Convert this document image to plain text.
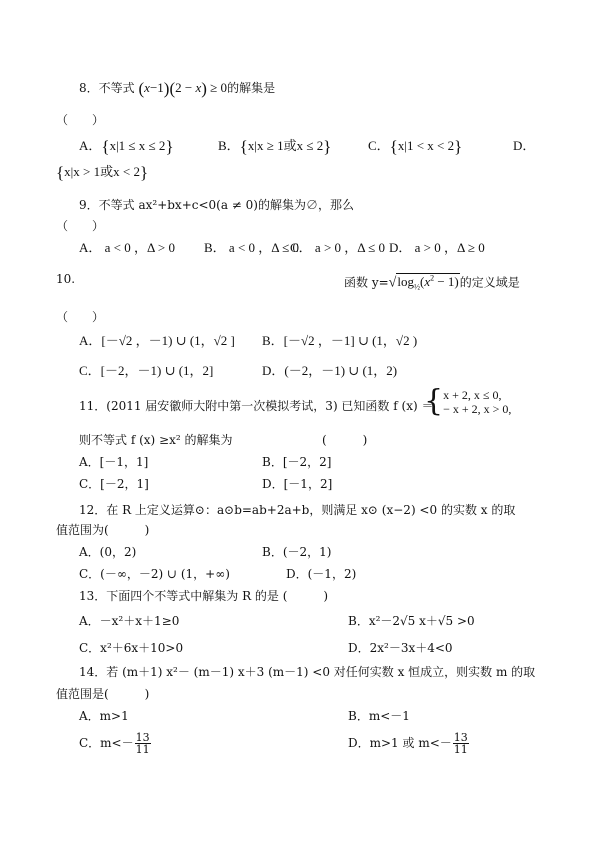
8．不等式 (x−1)(2 − x) ≥ 0的解集是
（　　）
A．{x|1 ≤ x ≤ 2}	B．{x|x ≥ 1或x ≤ 2}	C．{x|1 < x < 2}	D．
{x|x > 1或x < 2}
9．不等式 ax²+bx+c<0(a ≠ 0)的解集为∅，那么
（　　）
A． a < 0 ，Δ > 0 B． a < 0 ，Δ ≤ 0
C． a > 0 ，Δ ≤ 0 D． a > 0 ，Δ ≥ 0
10.	函数 $y=√\log_{\frac{1}{2}}(x^2 - 1)$的定义域是
（　　）
A．[－√2 ，－1) ∪ (1，√2 ] B．[－√2 ，－1] ∪ (1，√2 )
C．[－2，－1) ∪ (1，2]	D．(－2，－1) ∪ (1，2)
11．(2011 届安徽师大附中第一次模拟考试，3) 已知函数 f (x) ＝
{ x + 2, x ≤ 0,
− x + 2, x > 0,
则不等式 f (x) ≥x² 的解集为	(　　　)
A．[－1，1]	B．[－2，2]
C．[－2，1]	D．[－1，2]
12．在 R 上定义运算⊙：a⊙b=ab+2a+b，则满足 x⊙ (x−2) <0 的实数 x 的取
值范围为(　　　)
A．(0，2)	B．(－2，1)
C．(－∞，－2) ∪ (1，+∞)	D．(－1，2)
13．下面四个不等式中解集为 R 的是 (　　　)
A．－x²＋x＋1≥0	B．x²－2√5 x＋√5 >0
C．x²＋6x＋10>0	D．2x²－3x＋4<0
14．若 (m＋1) x²－ (m－1) x＋3 (m－1) <0 对任何实数 x 恒成立，则实数 m 的取
值范围是(　　　)
A．m>1	B．m<－1
C．$m<- \frac{13}{11}$	D．m>1 或 $m<- \frac{13}{11}$
